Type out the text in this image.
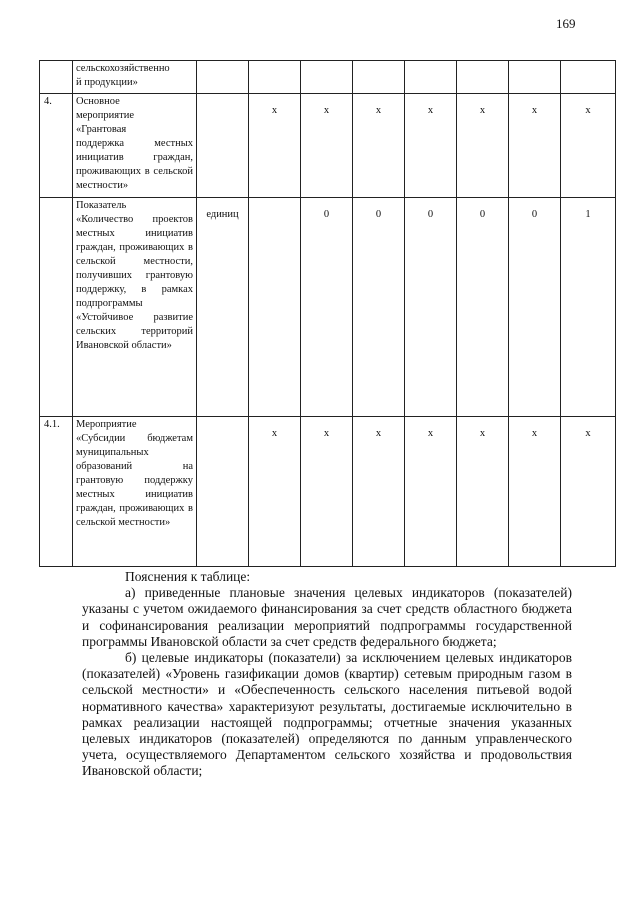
169

	сельскохозяйственно
й продукции»									

4.	Основное
мероприятие
«Грантовая
поддержка местных инициатив граждан, проживающих в сельской местности»		х	х	х	х	х	х	х	

	Показатель
«Количество проектов местных инициатив граждан, проживающих в сельской местности, получивших грантовую поддержку, в рамках подпрограммы «Устойчивое развитие сельских территорий Ивановской области»	единиц		0	0	0	0	0	1	
4.1.	Мероприятие
«Субсидии бюджетам муниципальных образований на грантовую поддержку местных инициатив граждан, проживающих в сельской местности»		х	х	х	х	х	х	х	

Пояснения к таблице:

а) приведенные плановые значения целевых индикаторов (показателей) указаны с учетом ожидаемого финансирования за счет средств областного бюджета и софинансирования реализации мероприятий подпрограммы государственной программы Ивановской области за счет средств федерального бюджета;

б) целевые индикаторы (показатели) за исключением целевых индикаторов (показателей) «Уровень газификации домов (квартир) сетевым природным газом в сельской местности» и «Обеспеченность сельского населения питьевой водой нормативного качества» характеризуют результаты, достигаемые исключительно в рамках реализации настоящей подпрограммы; отчетные значения указанных целевых индикаторов (показателей) определяются по данным управленческого учета, осуществляемого Департаментом сельского хозяйства и продовольствия Ивановской области;
